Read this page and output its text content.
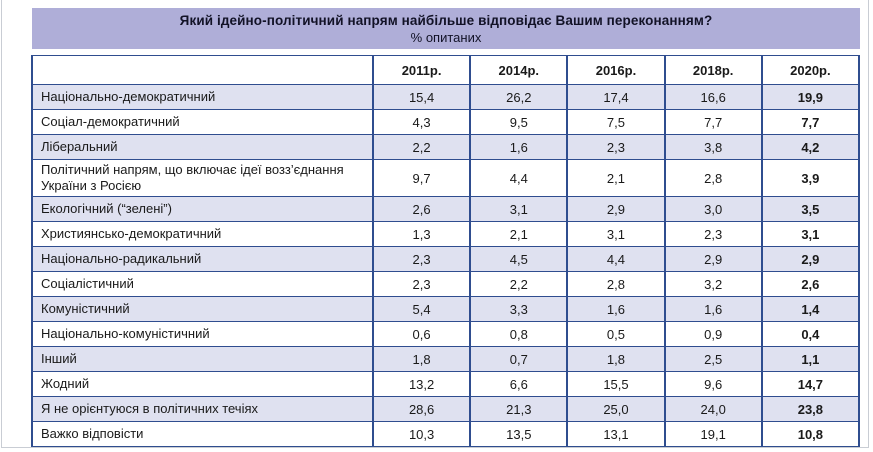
Який ідейно-політичний напрям найбільше відповідає Вашим переконанням?
% опитаних
	2011р.	2014р.	2016р.	2018р.	2020р.
Національно-демократичний	15,4	26,2	17,4	16,6	19,9
Соціал-демократичний	4,3	9,5	7,5	7,7	7,7
Ліберальний	2,2	1,6	2,3	3,8	4,2
Політичний напрям, що включає ідеї возз’єднання України з Росією	9,7	4,4	2,1	2,8	3,9
Екологічний (“зелені”)	2,6	3,1	2,9	3,0	3,5
Християнсько-демократичний	1,3	2,1	3,1	2,3	3,1
Національно-радикальний	2,3	4,5	4,4	2,9	2,9
Соціалістичний	2,3	2,2	2,8	3,2	2,6
Комуністичний	5,4	3,3	1,6	1,6	1,4
Національно-комуністичний	0,6	0,8	0,5	0,9	0,4
Інший	1,8	0,7	1,8	2,5	1,1
Жодний	13,2	6,6	15,5	9,6	14,7
Я не орієнтуюся в політичних течіях	28,6	21,3	25,0	24,0	23,8
Важко відповісти	10,3	13,5	13,1	19,1	10,8
